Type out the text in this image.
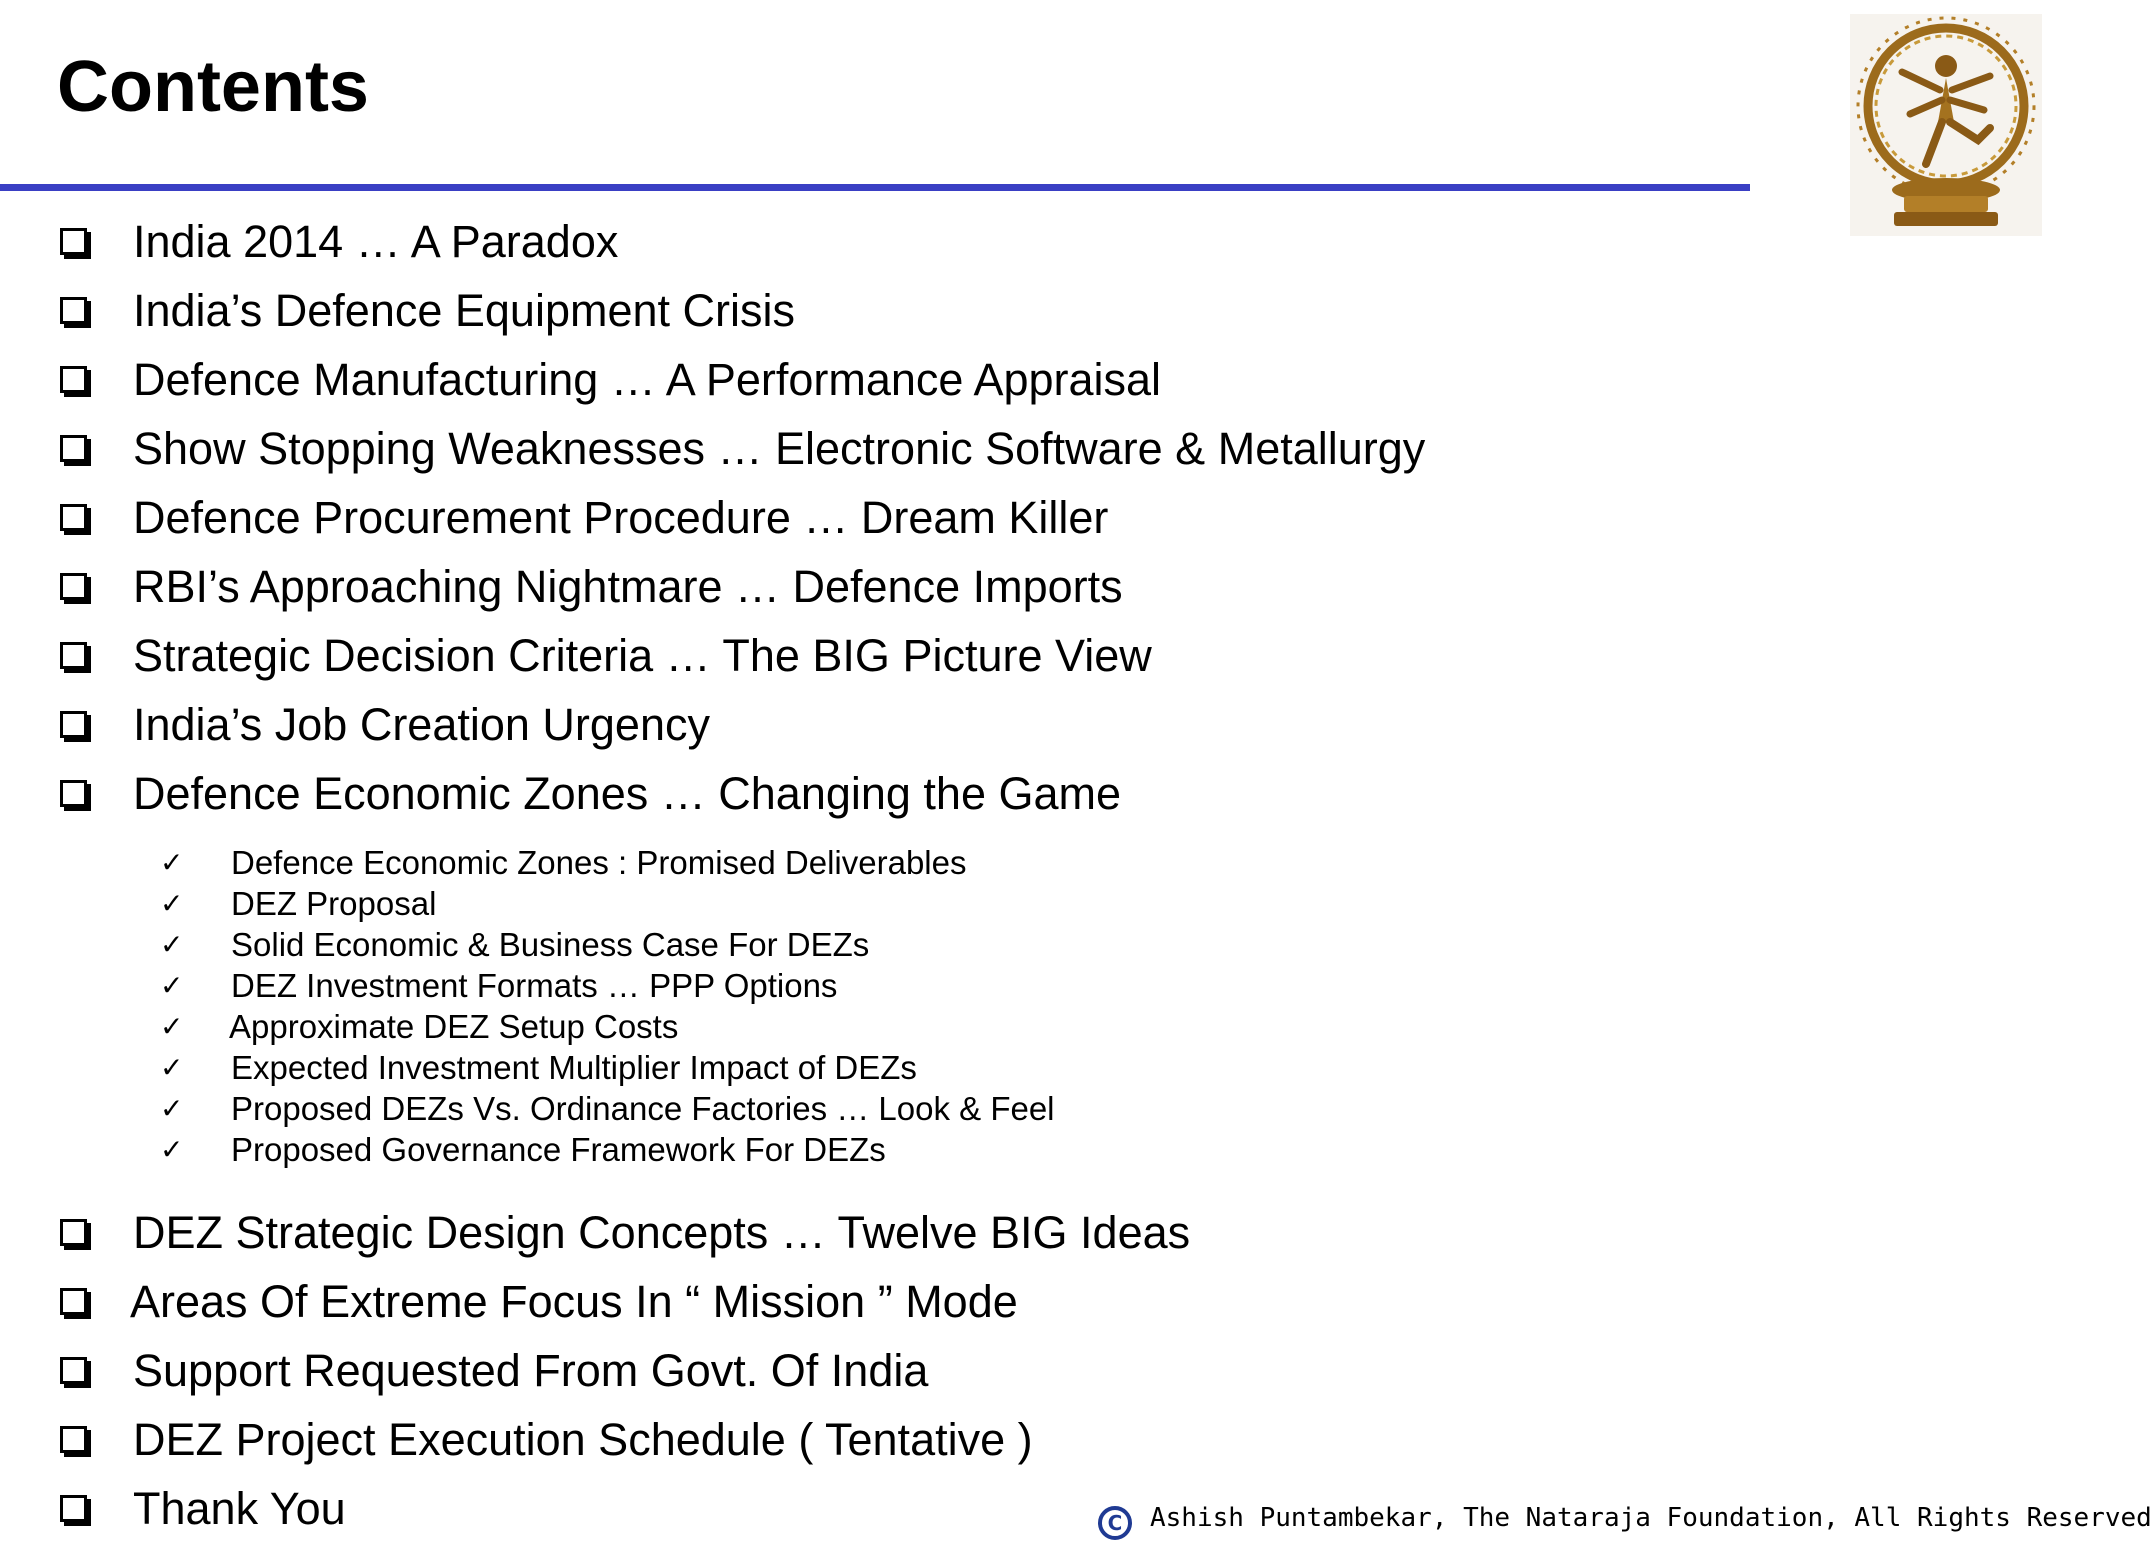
Contents
India 2014 … A Paradox
India’s Defence Equipment Crisis
Defence Manufacturing … A Performance Appraisal
Show Stopping Weaknesses … Electronic Software & Metallurgy
Defence Procurement Procedure … Dream Killer
RBI’s Approaching Nightmare … Defence Imports
Strategic Decision Criteria … The BIG Picture View
India’s Job Creation Urgency
Defence Economic Zones … Changing the Game
✓ Defence Economic Zones : Promised Deliverables
✓ DEZ Proposal
✓ Solid Economic & Business Case For DEZs
✓ DEZ Investment Formats … PPP Options
✓ Approximate DEZ Setup Costs
✓ Expected Investment Multiplier Impact of DEZs
✓ Proposed DEZs Vs. Ordinance Factories … Look & Feel
✓ Proposed Governance Framework For DEZs
DEZ Strategic Design Concepts … Twelve BIG Ideas
Areas Of Extreme Focus In “ Mission ” Mode
Support Requested From Govt. Of India
DEZ Project Execution Schedule ( Tentative )
Thank You	C	Ashish Puntambekar, The Nataraja Foundation, All Rights Reserved
